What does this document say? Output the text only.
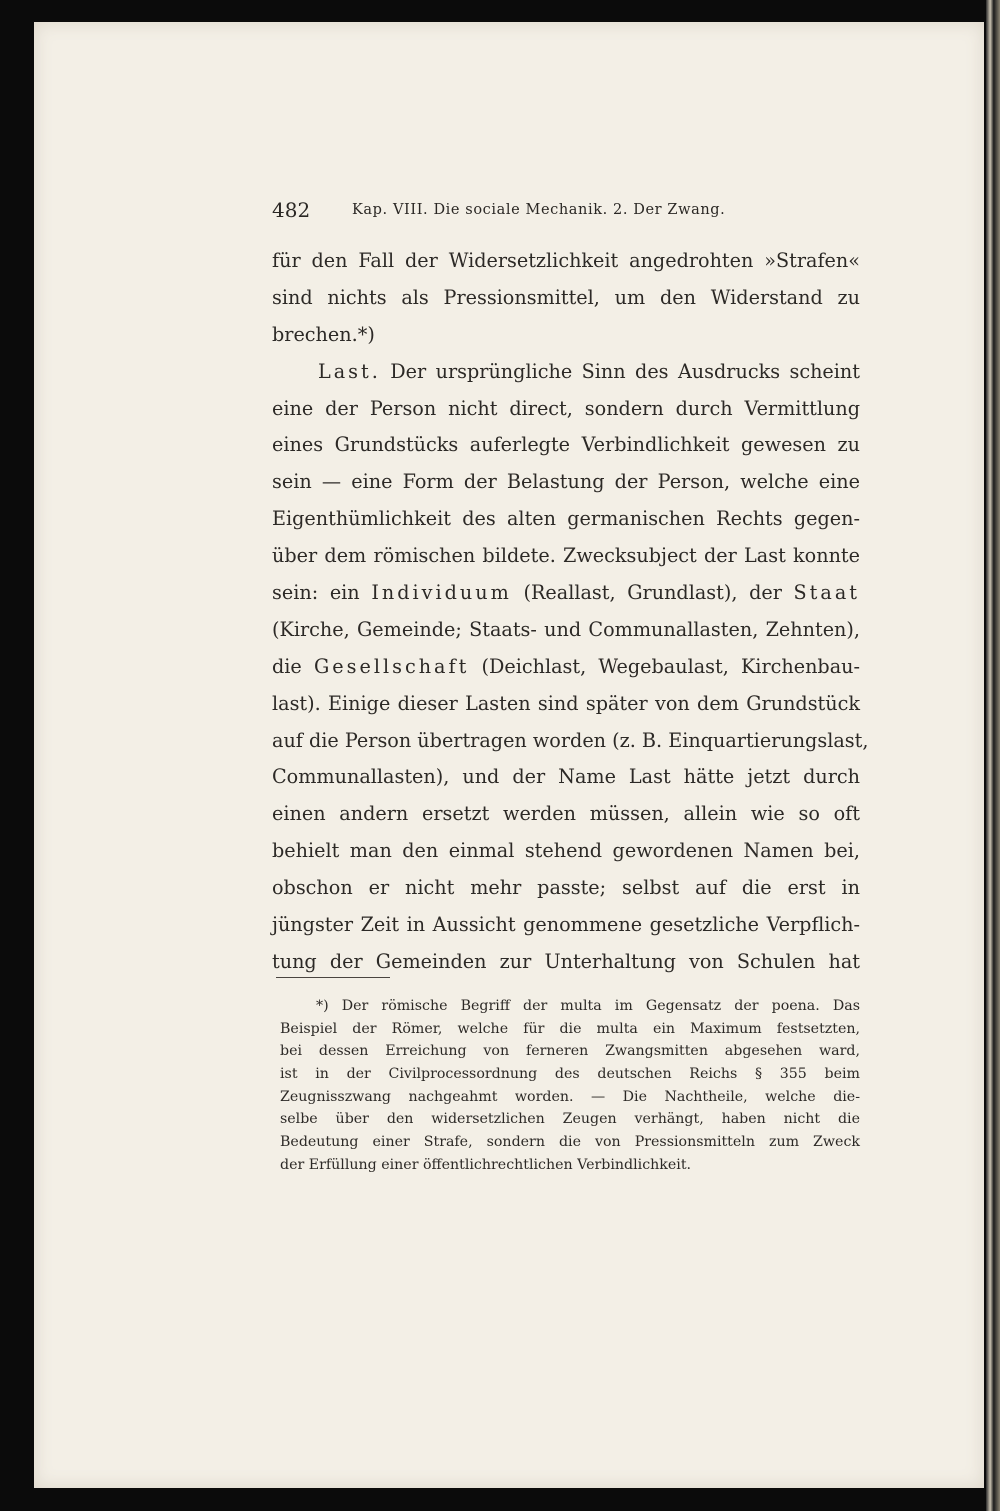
482	Kap. VIII. Die sociale Mechanik. 2. Der Zwang.
für den Fall der Widersetzlichkeit angedrohten »Strafen«
sind nichts als Pressionsmittel, um den Widerstand zu
brechen.*)
Last. Der ursprüngliche Sinn des Ausdrucks scheint
eine der Person nicht direct, sondern durch Vermittlung
eines Grundstücks auferlegte Verbindlichkeit gewesen zu
sein — eine Form der Belastung der Person, welche eine
Eigenthümlichkeit des alten germanischen Rechts gegen-
über dem römischen bildete. Zwecksubject der Last konnte
sein: ein Individuum (Reallast, Grundlast), der Staat
(Kirche, Gemeinde; Staats- und Communallasten, Zehnten),
die Gesellschaft (Deichlast, Wegebaulast, Kirchenbau-
last). Einige dieser Lasten sind später von dem Grundstück
auf die Person übertragen worden (z. B. Einquartierungslast,
Communallasten), und der Name Last hätte jetzt durch
einen andern ersetzt werden müssen, allein wie so oft
behielt man den einmal stehend gewordenen Namen bei,
obschon er nicht mehr passte; selbst auf die erst in
jüngster Zeit in Aussicht genommene gesetzliche Verpflich-
tung der Gemeinden zur Unterhaltung von Schulen hat
*) Der römische Begriff der multa im Gegensatz der poena. Das
Beispiel der Römer, welche für die multa ein Maximum festsetzten,
bei dessen Erreichung von ferneren Zwangsmitten abgesehen ward,
ist in der Civilprocessordnung des deutschen Reichs § 355 beim
Zeugnisszwang nachgeahmt worden. — Die Nachtheile, welche die-
selbe über den widersetzlichen Zeugen verhängt, haben nicht die
Bedeutung einer Strafe, sondern die von Pressionsmitteln zum Zweck
der Erfüllung einer öffentlichrechtlichen Verbindlichkeit.
